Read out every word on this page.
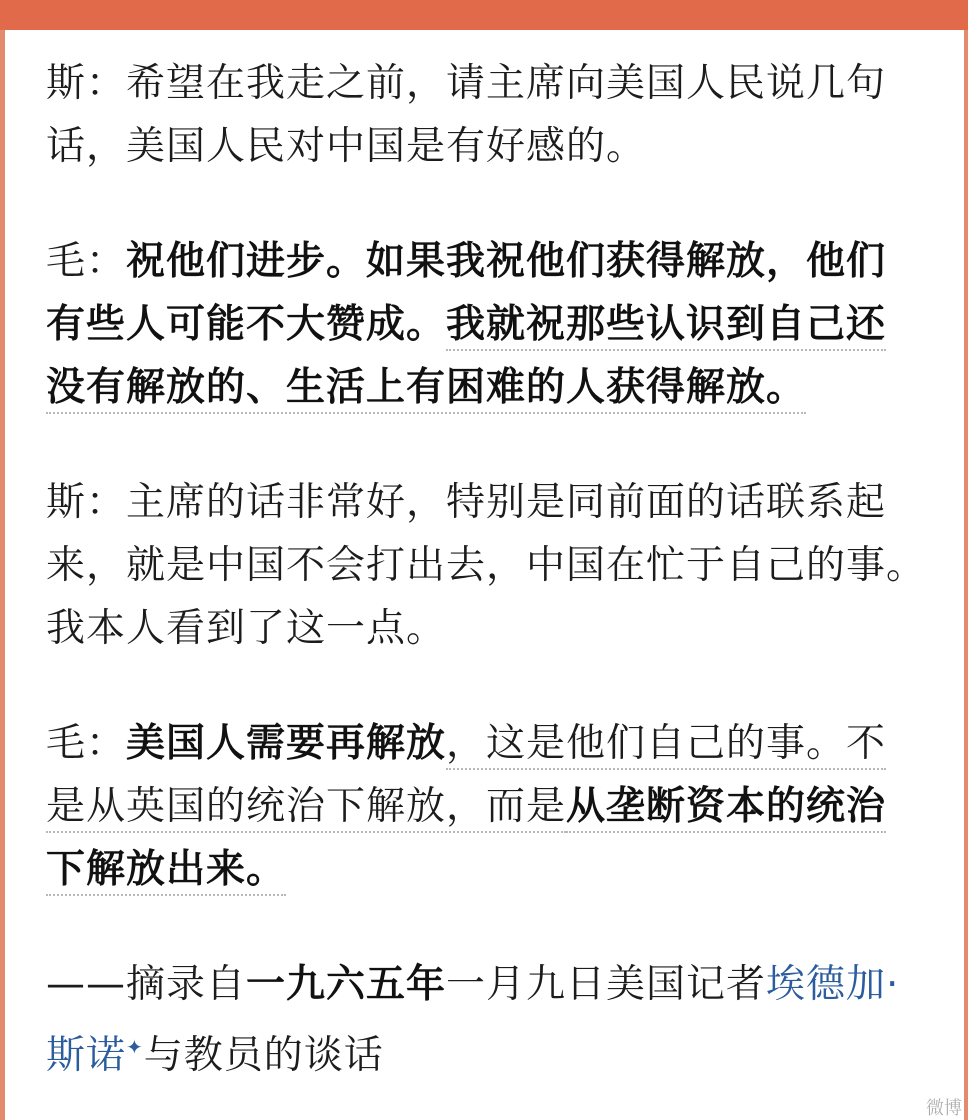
斯：希望在我走之前，请主席向美国人民说几句话，美国人民对中国是有好感的。

毛：祝他们进步。如果我祝他们获得解放，他们有些人可能不大赞成。我就祝那些认识到自己还没有解放的、生活上有困难的人获得解放。

斯：主席的话非常好，特别是同前面的话联系起来，就是中国不会打出去，中国在忙于自己的事。我本人看到了这一点。

毛：美国人需要再解放，这是他们自己的事。不是从英国的统治下解放，而是从垄断资本的统治下解放出来。

——摘录自一九六五年一月九日美国记者埃德加·斯诺✦与教员的谈话

微博
